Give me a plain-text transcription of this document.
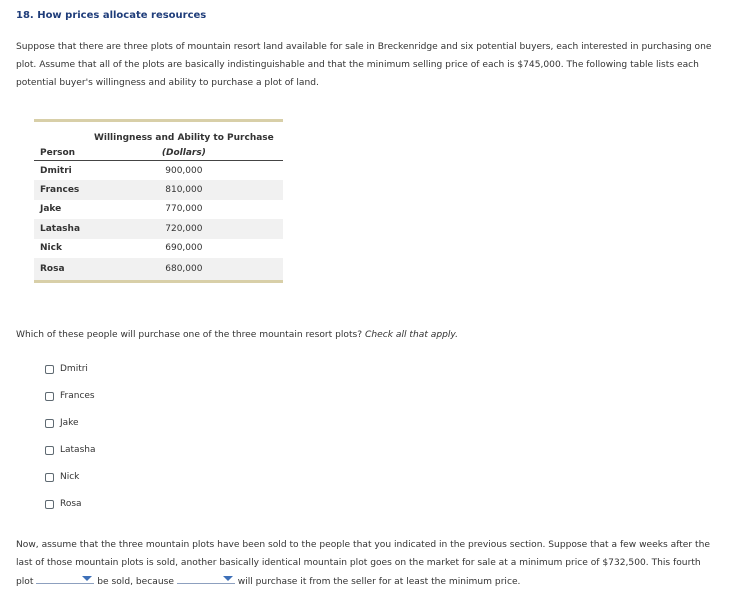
18. How prices allocate resources

Suppose that there are three plots of mountain resort land available for sale in Breckenridge and six potential buyers, each interested in purchasing one plot. Assume that all of the plots are basically indistinguishable and that the minimum selling price of each is $745,000. The following table lists each potential buyer's willingness and ability to purchase a plot of land.

	Willingness and Ability to Purchase
Person	(Dollars)
Dmitri	900,000
Frances	810,000
Jake	770,000
Latasha	720,000
Nick	690,000
Rosa	680,000

Which of these people will purchase one of the three mountain resort plots? Check all that apply.

Dmitri
Frances
Jake
Latasha
Nick
Rosa

Now, assume that the three mountain plots have been sold to the people that you indicated in the previous section. Suppose that a few weeks after the last of those mountain plots is sold, another basically identical mountain plot goes on the market for sale at a minimum price of $732,500. This fourth plot	be sold, because	will purchase it from the seller for at least the minimum price.
